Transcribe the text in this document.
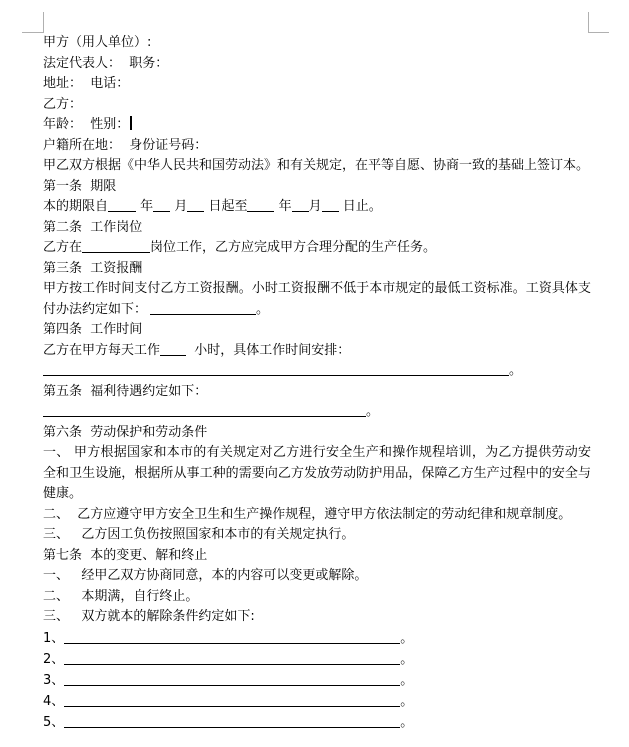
甲方（用人单位）:
法定代表人：  职务：
地址：  电话：
乙方：
年龄：  性别：
户籍所在地：  身份证号码：
甲乙双方根据《中华人民共和国劳动法》和有关规定，在平等自愿、协商一致的基础上签订本。
第一条  期限
本的期限自 年 月 日起至 年 月 日止。
第二条  工作岗位
乙方在	岗位工作，乙方应完成甲方合理分配的生产任务。
第三条  工资报酬
甲方按工作时间支付乙方工资报酬。小时工资报酬不低于本市规定的最低工资标准。工资具体支付办法约定如下：	。
第四条  工作时间
乙方在甲方每天工作	小时，具体工作时间安排：
。
第五条  福利待遇约定如下：
。
第六条  劳动保护和劳动条件
一、 甲方根据国家和本市的有关规定对乙方进行安全生产和操作规程培训，为乙方提供劳动安全和卫生设施，根据所从事工种的需要向乙方发放劳动防护用品，保障乙方生产过程中的安全与健康。
二、  乙方应遵守甲方安全卫生和生产操作规程，遵守甲方依法制定的劳动纪律和规章制度。
三、   乙方因工负伤按照国家和本市的有关规定执行。
第七条  本的变更、解和终止
一、   经甲乙双方协商同意，本的内容可以变更或解除。
二、   本期满，自行终止。
三、   双方就本的解除条件约定如下:
1、	。
2、	。
3、	。
4、	。
5、	。
